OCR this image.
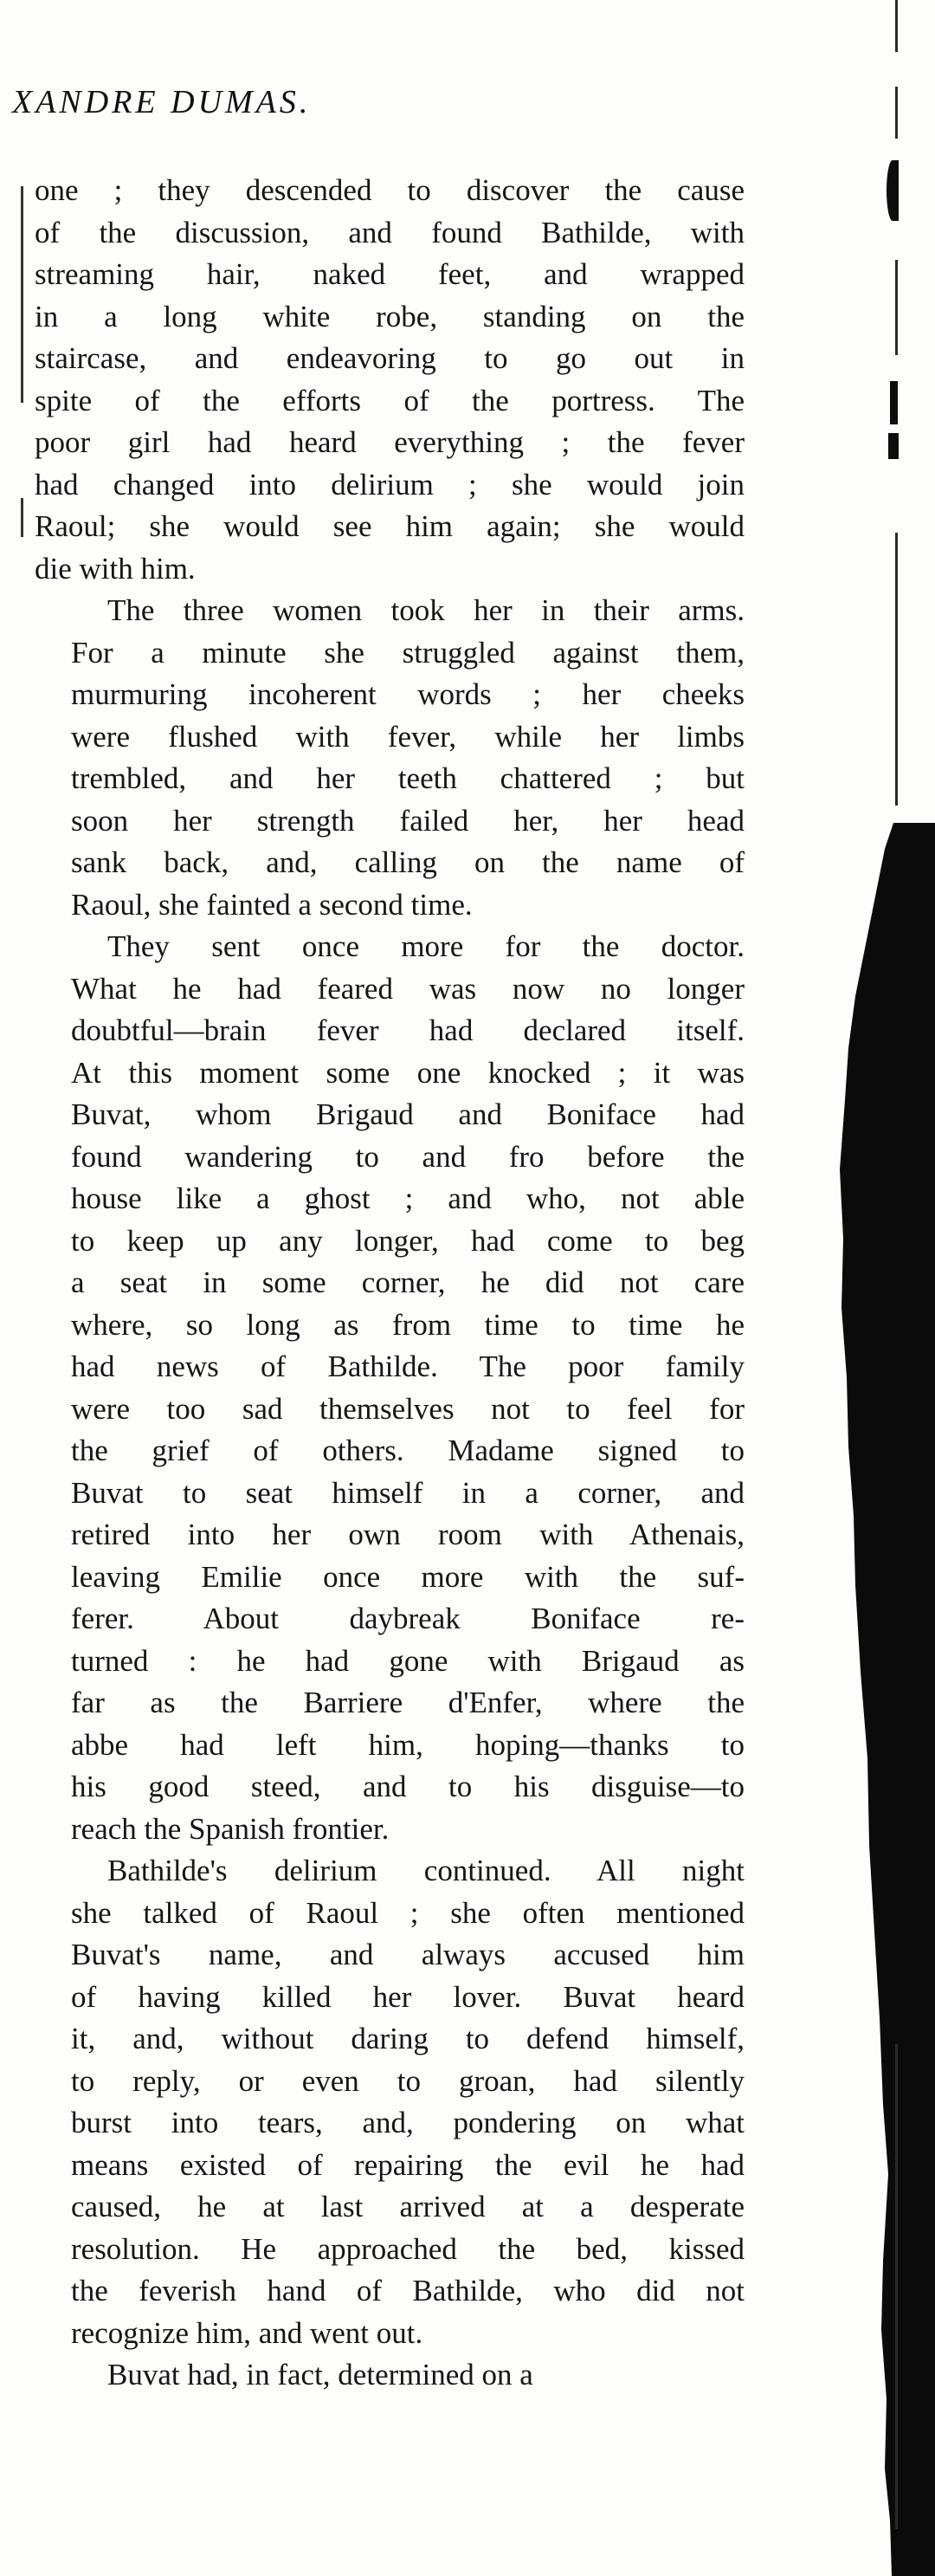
XANDRE DUMAS.

one ; they descended to discover the cause
of the discussion, and found Bathilde, with
streaming hair, naked feet, and wrapped
in a long white robe, standing on the
staircase, and endeavoring to go out in
spite of the efforts of the portress. The
poor girl had heard everything ; the fever
had changed into delirium ; she would join
Raoul; she would see him again; she would
die with him.

The three women took her in their arms.
For a minute she struggled against them,
murmuring incoherent words ; her cheeks
were flushed with fever, while her limbs
trembled, and her teeth chattered ; but
soon her strength failed her, her head
sank back, and, calling on the name of
Raoul, she fainted a second time.

They sent once more for the doctor.
What he had feared was now no longer
doubtful—brain fever had declared itself.
At this moment some one knocked ; it was
Buvat, whom Brigaud and Boniface had
found wandering to and fro before the
house like a ghost ; and who, not able
to keep up any longer, had come to beg
a seat in some corner, he did not care
where, so long as from time to time he
had news of Bathilde. The poor family
were too sad themselves not to feel for
the grief of others. Madame signed to
Buvat to seat himself in a corner, and
retired into her own room with Athenais,
leaving Emilie once more with the suf-
ferer. About daybreak Boniface re-
turned : he had gone with Brigaud as
far as the Barriere d'Enfer, where the
abbe had left him, hoping—thanks to
his good steed, and to his disguise—to
reach the Spanish frontier.

Bathilde's delirium continued. All night
she talked of Raoul ; she often mentioned
Buvat's name, and always accused him
of having killed her lover. Buvat heard
it, and, without daring to defend himself,
to reply, or even to groan, had silently
burst into tears, and, pondering on what
means existed of repairing the evil he had
caused, he at last arrived at a desperate
resolution. He approached the bed, kissed
the feverish hand of Bathilde, who did not
recognize him, and went out.

Buvat had, in fact, determined on a
